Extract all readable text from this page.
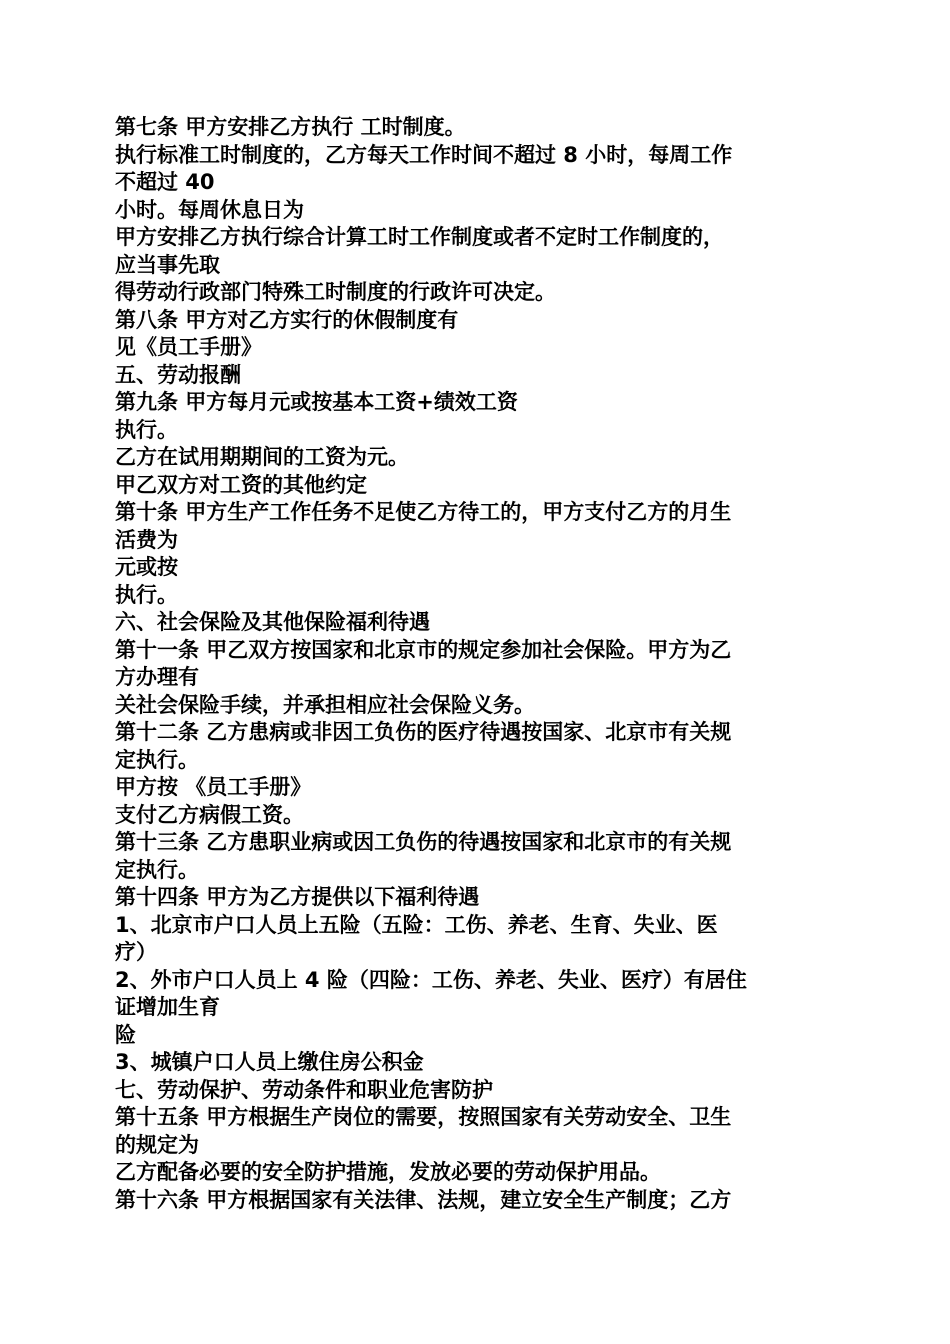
第七条 甲方安排乙方执行 工时制度。
执行标准工时制度的，乙方每天工作时间不超过 8 小时，每周工作
不超过 40
小时。每周休息日为
甲方安排乙方执行综合计算工时工作制度或者不定时工作制度的，
应当事先取
得劳动行政部门特殊工时制度的行政许可决定。
第八条 甲方对乙方实行的休假制度有
见《员工手册》
五、劳动报酬
第九条 甲方每月元或按基本工资+绩效工资
执行。
乙方在试用期期间的工资为元。
甲乙双方对工资的其他约定
第十条 甲方生产工作任务不足使乙方待工的，甲方支付乙方的月生
活费为
元或按
执行。
六、社会保险及其他保险福利待遇
第十一条 甲乙双方按国家和北京市的规定参加社会保险。甲方为乙
方办理有
关社会保险手续，并承担相应社会保险义务。
第十二条 乙方患病或非因工负伤的医疗待遇按国家、北京市有关规
定执行。
甲方按 《员工手册》
支付乙方病假工资。
第十三条 乙方患职业病或因工负伤的待遇按国家和北京市的有关规
定执行。
第十四条 甲方为乙方提供以下福利待遇
1、北京市户口人员上五险（五险：工伤、养老、生育、失业、医
疗）
2、外市户口人员上 4 险（四险：工伤、养老、失业、医疗）有居住
证增加生育
险
3、城镇户口人员上缴住房公积金
七、劳动保护、劳动条件和职业危害防护
第十五条 甲方根据生产岗位的需要，按照国家有关劳动安全、卫生
的规定为
乙方配备必要的安全防护措施，发放必要的劳动保护用品。
第十六条 甲方根据国家有关法律、法规，建立安全生产制度；乙方
